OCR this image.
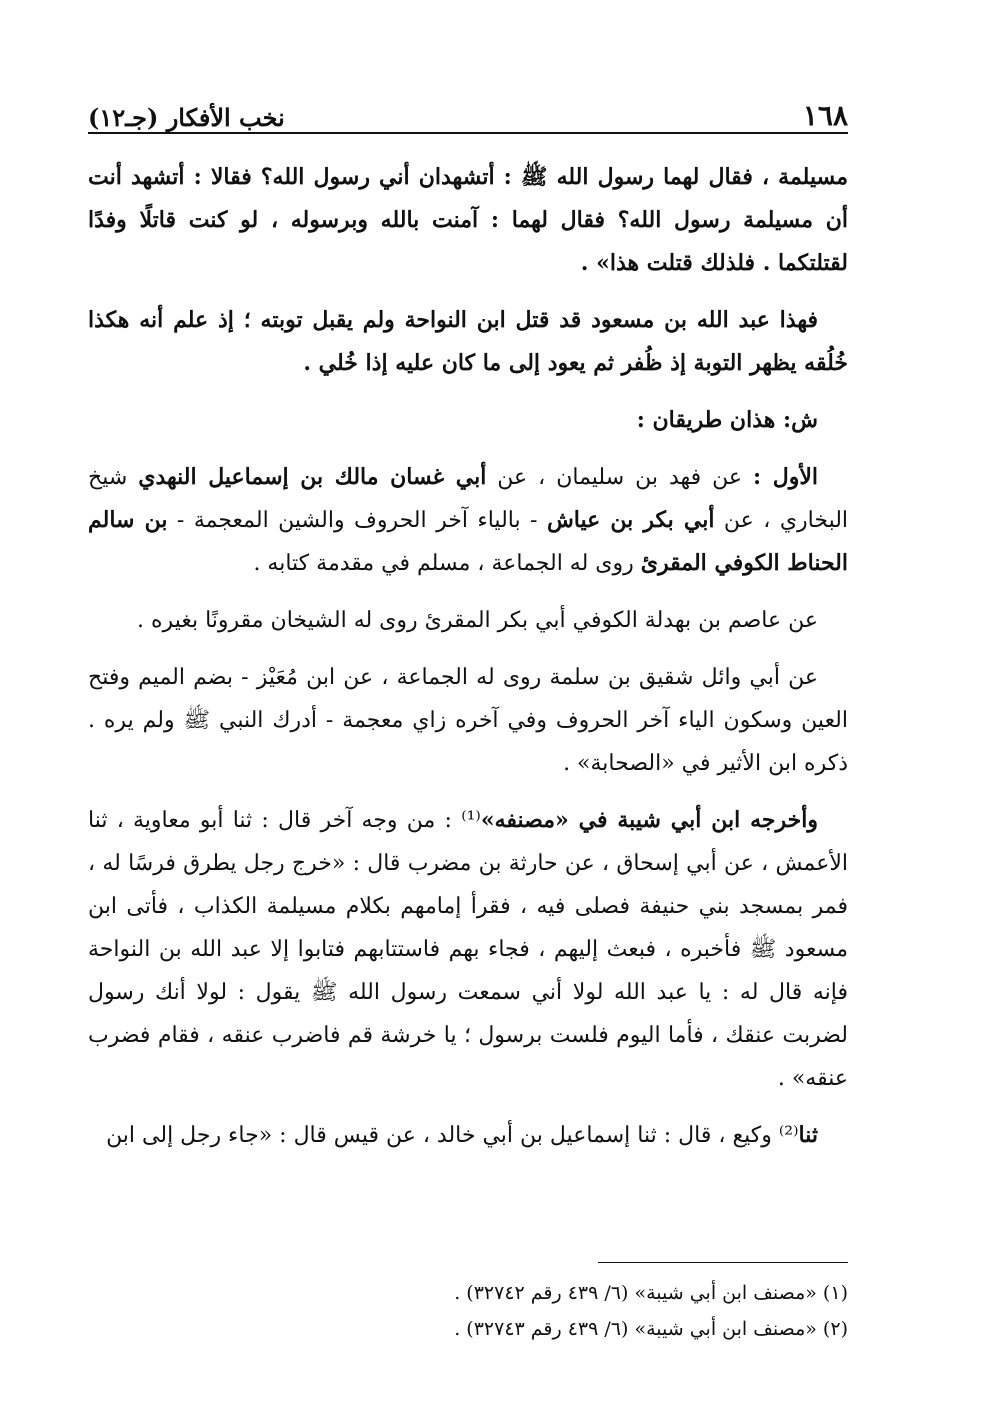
١٦٨
نخب الأفكار (جـ١٢)

مسيلمة ، فقال لهما رسول الله ﷺ : أتشهدان أني رسول الله؟ فقالا : أتشهد أنت أن مسيلمة رسول الله؟ فقال لهما : آمنت بالله وبرسوله ، لو كنت قاتلًا وفدًا لقتلتكما . فلذلك قتلت هذا» .

فهذا عبد الله بن مسعود قد قتل ابن النواحة ولم يقبل توبته ؛ إذ علم أنه هكذا خُلُقه يظهر التوبة إذ ظُفر ثم يعود إلى ما كان عليه إذا خُلي .

ش: هذان طريقان :

الأول : عن فهد بن سليمان ، عن أبي غسان مالك بن إسماعيل النهدي شيخ البخاري ، عن أبي بكر بن عياش - بالياء آخر الحروف والشين المعجمة - بن سالم الحناط الكوفي المقرئ روى له الجماعة ، مسلم في مقدمة كتابه .

عن عاصم بن بهدلة الكوفي أبي بكر المقرئ روى له الشيخان مقرونًا بغيره .

عن أبي وائل شقيق بن سلمة روى له الجماعة ، عن ابن مُعَيْز - بضم الميم وفتح العين وسكون الياء آخر الحروف وفي آخره زاي معجمة - أدرك النبي ﷺ ولم يره . ذكره ابن الأثير في «الصحابة» .

وأخرجه ابن أبي شيبة في «مصنفه»⁽¹⁾ : من وجه آخر قال : ثنا أبو معاوية ، ثنا الأعمش ، عن أبي إسحاق ، عن حارثة بن مضرب قال : «خرج رجل يطرق فرسًا له ، فمر بمسجد بني حنيفة فصلى فيه ، فقرأ إمامهم بكلام مسيلمة الكذاب ، فأتى ابن مسعود ﷺ فأخبره ، فبعث إليهم ، فجاء بهم فاستتابهم فتابوا إلا عبد الله بن النواحة فإنه قال له : يا عبد الله لولا أني سمعت رسول الله ﷺ يقول : لولا أنك رسول لضربت عنقك ، فأما اليوم فلست برسول ؛ يا خرشة قم فاضرب عنقه ، فقام فضرب عنقه» .

ثنا⁽²⁾ وكيع ، قال : ثنا إسماعيل بن أبي خالد ، عن قيس قال : «جاء رجل إلى ابن

(١) «مصنف ابن أبي شيبة» (٦/ ٤٣٩ رقم ٣٢٧٤٢) .

(٢) «مصنف ابن أبي شيبة» (٦/ ٤٣٩ رقم ٣٢٧٤٣) .
